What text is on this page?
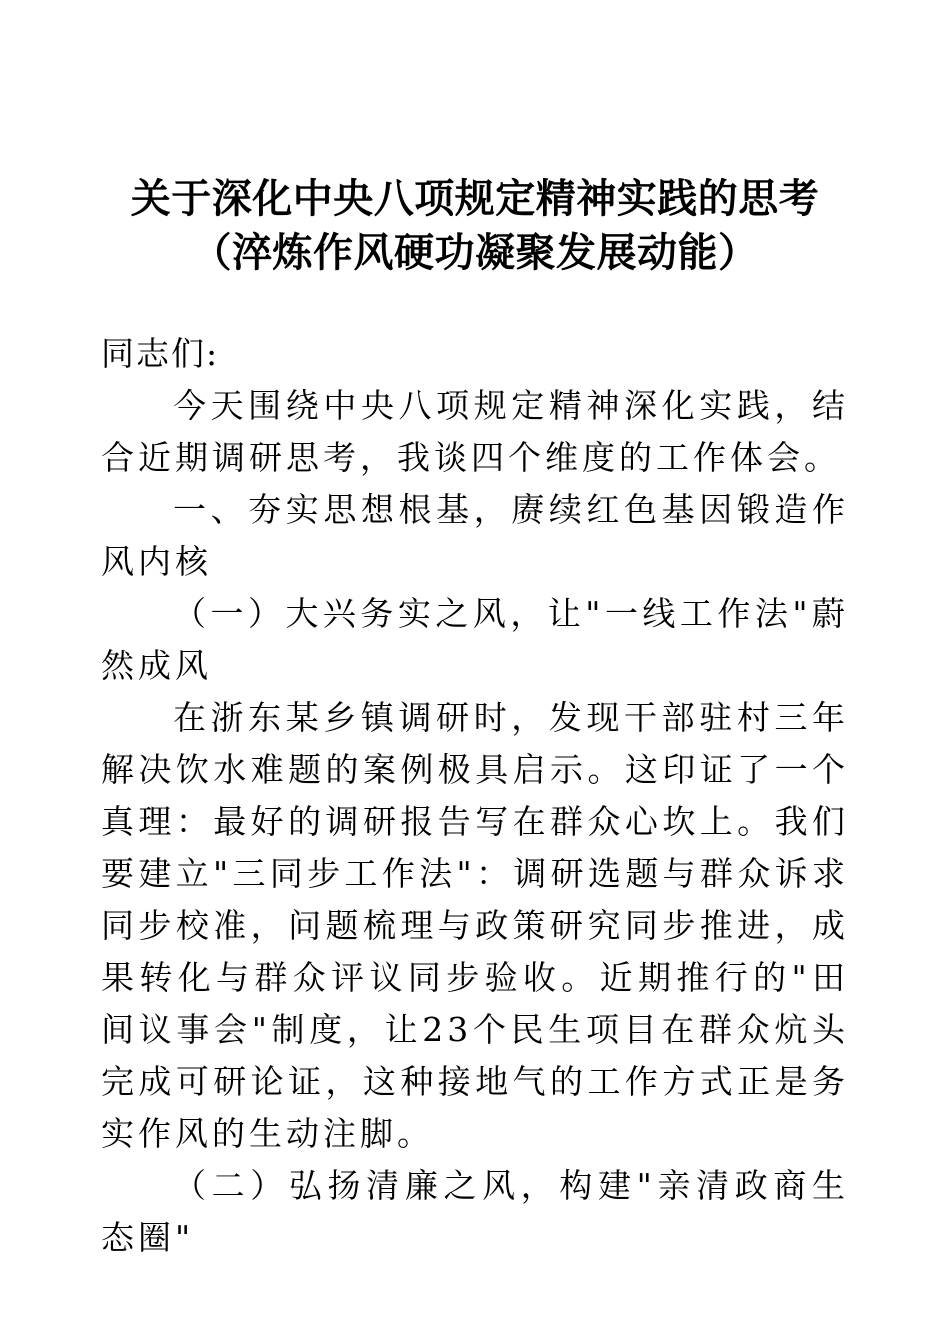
关于深化中央八项规定精神实践的思考
（淬炼作风硬功凝聚发展动能）

同志们:

今天围绕中央八项规定精神深化实践，结合近期调研思考，我谈四个维度的工作体会。

一、夯实思想根基，赓续红色基因锻造作风内核

（一）大兴务实之风，让"一线工作法"蔚然成风

在浙东某乡镇调研时，发现干部驻村三年解决饮水难题的案例极具启示。这印证了一个真理：最好的调研报告写在群众心坎上。我们要建立"三同步工作法"：调研选题与群众诉求同步校准，问题梳理与政策研究同步推进，成果转化与群众评议同步验收。近期推行的"田间议事会"制度，让23个民生项目在群众炕头完成可研论证，这种接地气的工作方式正是务实作风的生动注脚。

（二）弘扬清廉之风，构建"亲清政商生态圈"
